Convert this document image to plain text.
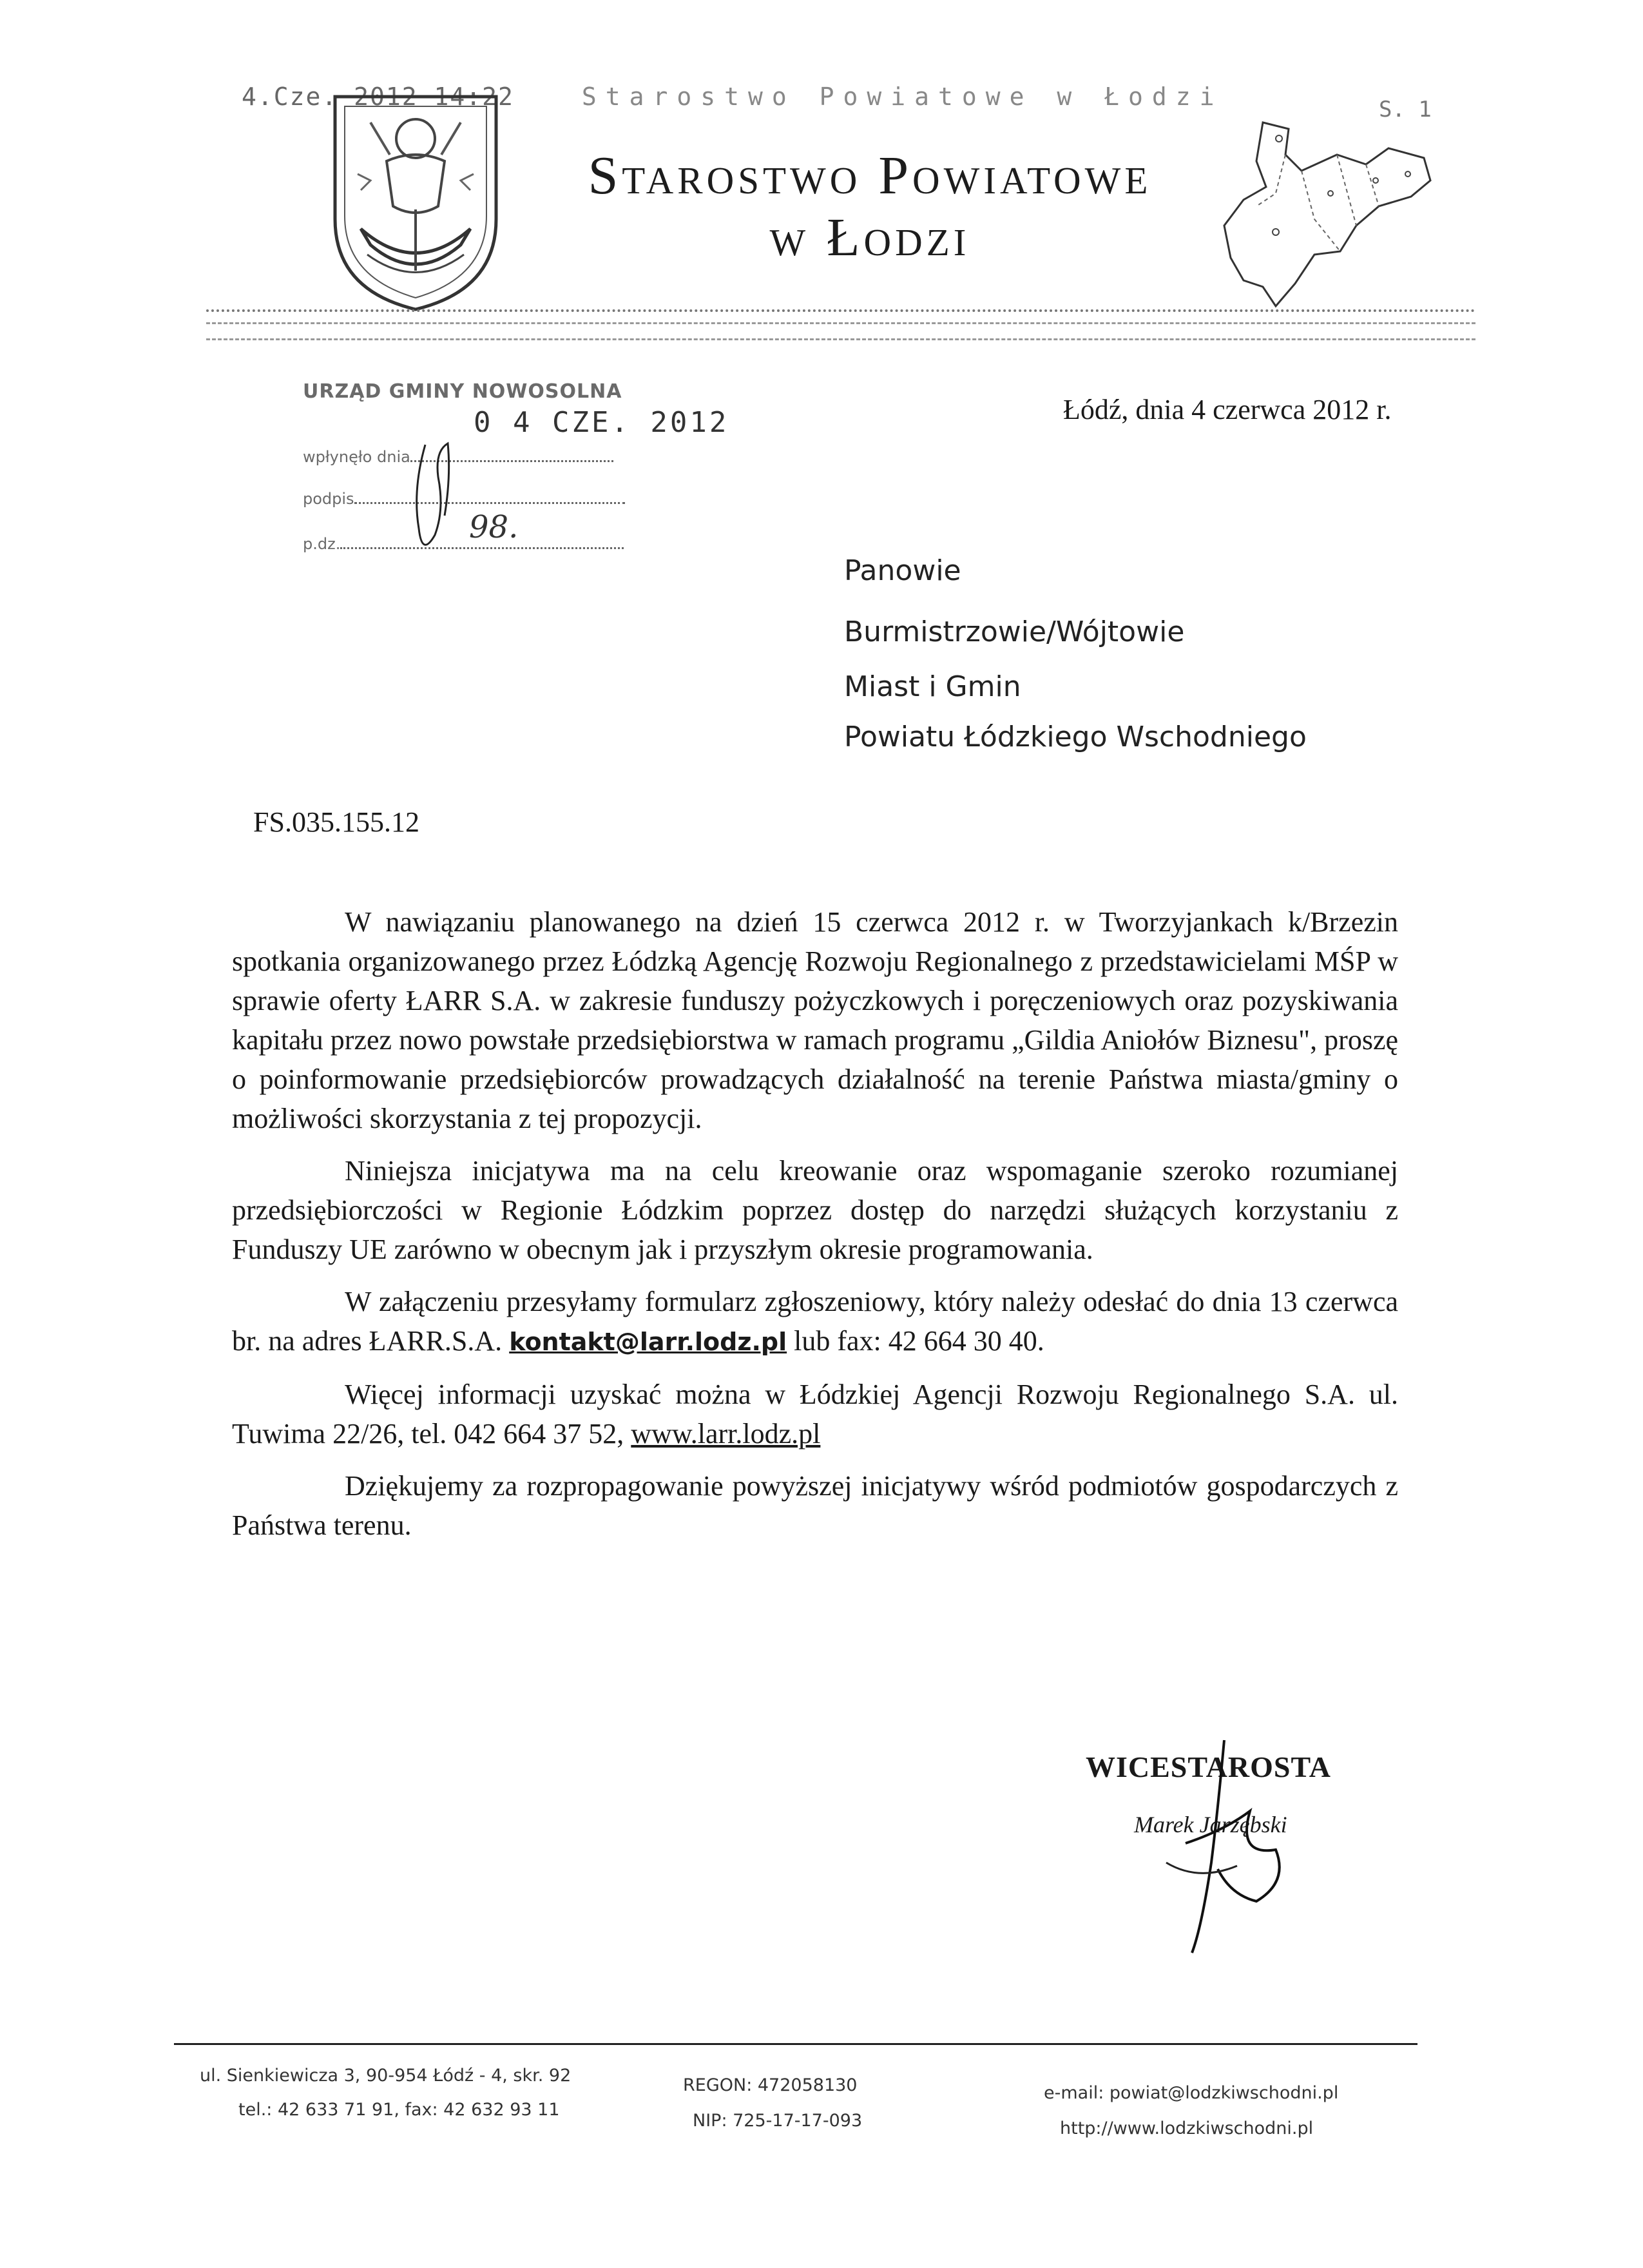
4.Cze. 2012 14:22	Starostwo Powiatowe w Łodzi	S. 1
Starostwo Powiatowe
w Łodzi
URZĄD GMINY NOWOSOLNA
0 4 CZE. 2012
wpłynęło dnia
podpis
p.dz.	98.
Łódź, dnia 4 czerwca 2012 r.
Panowie
Burmistrzowie/Wójtowie
Miast i Gmin
Powiatu Łódzkiego Wschodniego
FS.035.155.12

W nawiązaniu planowanego na dzień 15 czerwca 2012 r. w Tworzyjankach k/Brzezin spotkania organizowanego przez Łódzką Agencję Rozwoju Regionalnego z przedstawicielami MŚP w sprawie oferty ŁARR S.A. w zakresie funduszy pożyczkowych i poręczeniowych oraz pozyskiwania kapitału przez nowo powstałe przedsiębiorstwa w ramach programu „Gildia Aniołów Biznesu", proszę o poinformowanie przedsiębiorców prowadzących działalność na terenie Państwa miasta/gminy o możliwości skorzystania z tej propozycji.

Niniejsza inicjatywa ma na celu kreowanie oraz wspomaganie szeroko rozumianej przedsiębiorczości w Regionie Łódzkim poprzez dostęp do narzędzi służących korzystaniu z Funduszy UE zarówno w obecnym jak i przyszłym okresie programowania.

W załączeniu przesyłamy formularz zgłoszeniowy, który należy odesłać do dnia 13 czerwca br. na adres ŁARR.S.A. kontakt@larr.lodz.pl lub fax: 42 664 30 40.

Więcej informacji uzyskać można w Łódzkiej Agencji Rozwoju Regionalnego S.A. ul. Tuwima 22/26, tel. 042 664 37 52, www.larr.lodz.pl

Dziękujemy za rozpropagowanie powyższej inicjatywy wśród podmiotów gospodarczych z Państwa terenu.

WICESTAROSTA
Marek Jarzębski
ul. Sienkiewicza 3, 90-954 Łódź - 4, skr. 92
tel.: 42 633 71 91, fax: 42 632 93 11
REGON: 472058130
NIP: 725-17-17-093
e-mail: powiat@lodzkiwschodni.pl
http://www.lodzkiwschodni.pl
